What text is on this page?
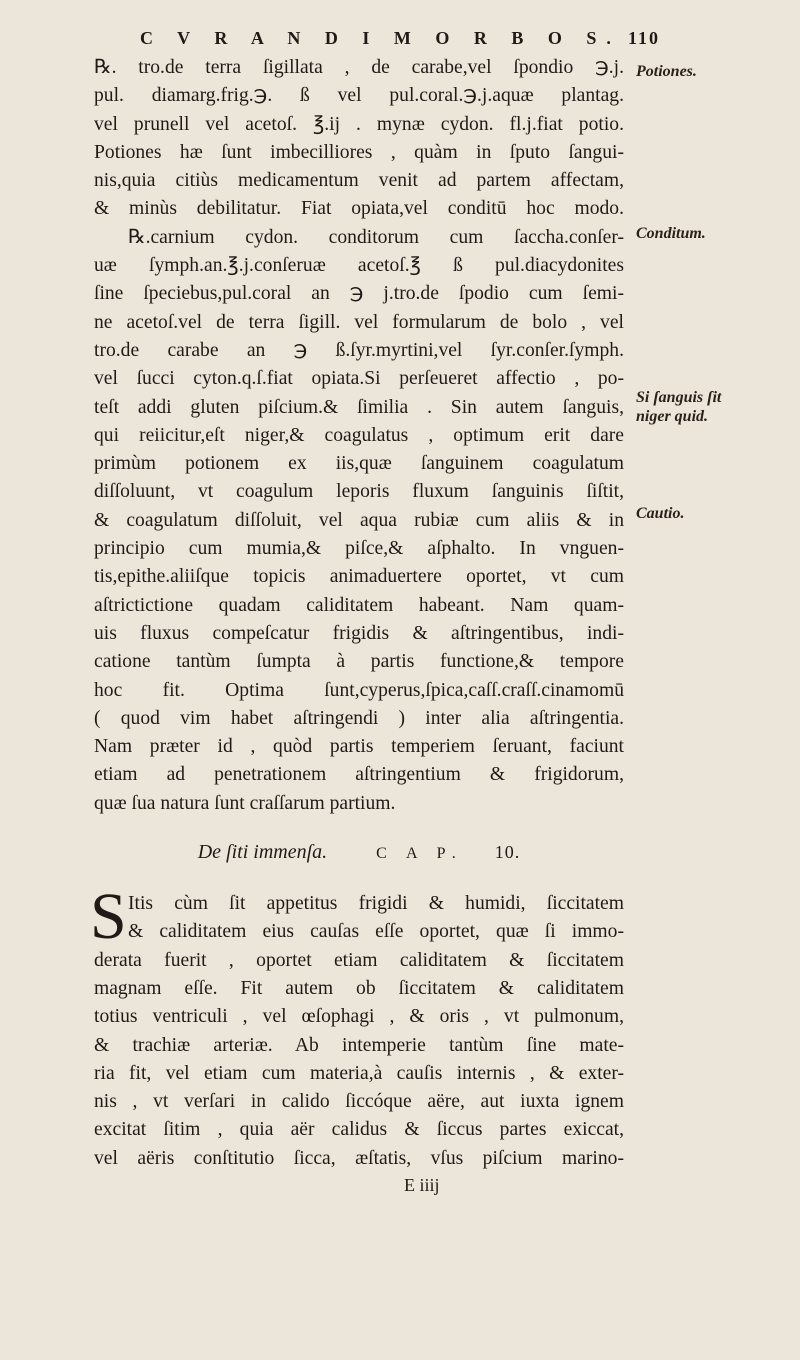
C V R A N D I M O R B O S. 110

℞. tro.de terra ſigillata , de carabe,vel ſpondio ℈.j.

pul. diamarg.frig.℈. ß vel pul.coral.℈.j.aquæ plantag.

vel prunell vel acetoſ. ℥.ij . mynæ cydon. fl.j.fiat potio.

Potiones hæ ſunt imbecilliores , quàm in ſputo ſangui-

nis,quia citiùs medicamentum venit ad partem affectam,

& minùs debilitatur. Fiat opiata,vel conditū hoc modo.

℞.carnium cydon. conditorum cum ſacchа.conſer-

uæ ſymph.an.℥.j.conſeruæ acetoſ.℥ ß pul.diacydonites

ſine ſpeciebus,pul.coral an ℈ j.tro.de ſpodio cum ſemi-

ne acetoſ.vel de terra ſigill. vel formularum de bolo , vel

tro.de carabe an ℈ ß.ſyr.myrtini,vel ſyr.conſer.ſymph.

vel ſucci cyton.q.ſ.fiat opiata.Si perſeueret affectio , po-

teſt addi gluten piſcium.& ſimilia . Sin autem ſanguis,

qui reiicitur,eſt niger,& coagulatus , optimum erit dare

primùm potionem ex iis,quæ ſanguinem coagulatum

diſſoluunt, vt coagulum leporis fluxum ſanguinis ſiſtit,

& coagulatum diſſoluit, vel aqua rubiæ cum aliis & in

principio cum mumia,& piſce,& aſphalto. In vnguen-

tis,epithe.aliiſque topicis animaduertere oportet, vt cum

aſtrictictione quadam caliditatem habeant. Nam quam-

uis fluxus compeſcatur frigidis & aſtringentibus, indi-

catione tantùm ſumpta à partis functione,& tempore

hoc fit. Optima ſunt,cyperus,ſpica,caſſ.craſſ.cinamomū

( quod vim habet aſtringendi ) inter alia aſtringentia.

Nam præter id , quòd partis temperiem ſeruant, faciunt

etiam ad penetrationem aſtringentium & frigidorum,

quæ ſua natura ſunt craſſarum partium.

De ſiti immenſa.	C A P. 10.

S Itis cùm ſit appetitus frigidi & humidi, ſiccitatem

& caliditatem eius cauſas eſſe oportet, quæ ſi immo-

derata fuerit , oportet etiam caliditatem & ſiccitatem

magnam eſſe. Fit autem ob ſiccitatem & caliditatem

totius ventriculi , vel œſophagi , & oris , vt pulmonum,

& trachiæ arteriæ. Ab intemperie tantùm ſine mate-

ria fit, vel etiam cum materia,à cauſis internis , & exter-

nis , vt verſari in calido ſiccóque aëre, aut iuxta ignem

excitat ſitim , quia aër calidus & ſiccus partes exiccat,

vel aëris conſtitutio ſicca, æſtatis, vſus piſcium marino-

E iiij
Potiones.
Conditum.
Si ſanguis ſit
niger quid.
Cautio.
